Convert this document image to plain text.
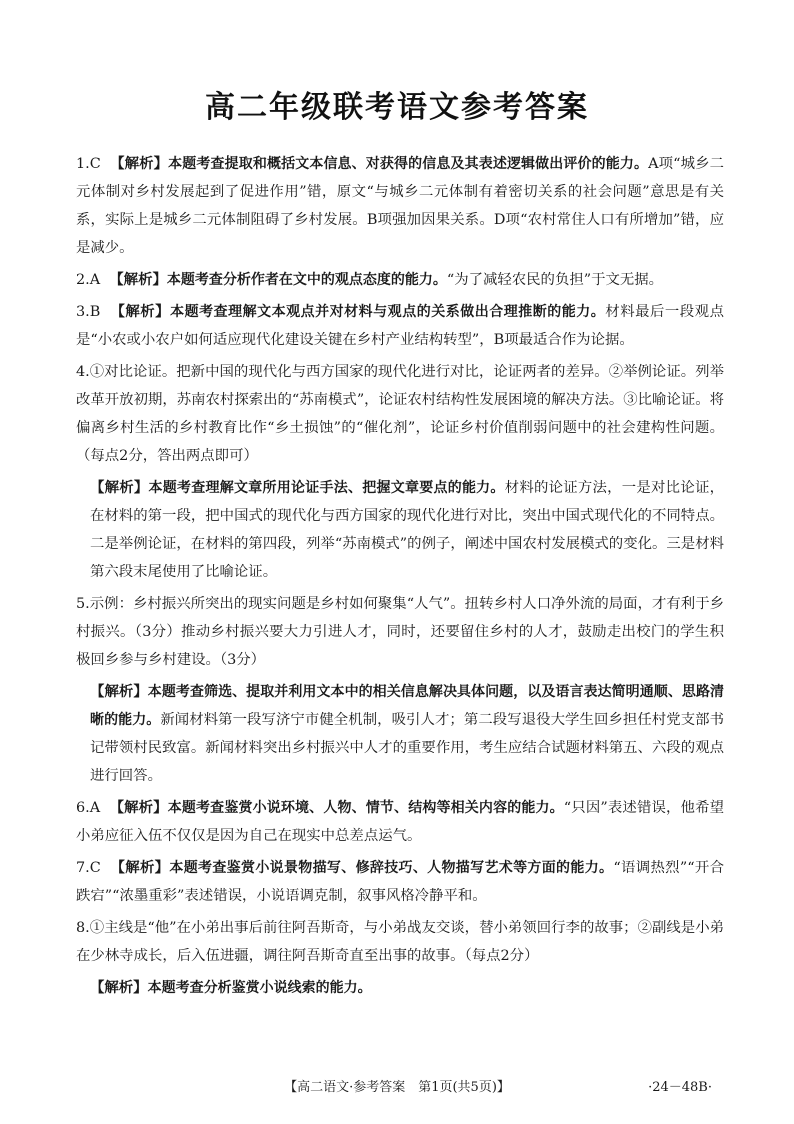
高二年级联考语文参考答案

1.C 【解析】本题考查提取和概括文本信息、对获得的信息及其表述逻辑做出评价的能力。A项“城乡二元体制对乡村发展起到了促进作用”错，原文“与城乡二元体制有着密切关系的社会问题”意思是有关系，实际上是城乡二元体制阻碍了乡村发展。B项强加因果关系。D项“农村常住人口有所增加”错，应是减少。

2.A 【解析】本题考查分析作者在文中的观点态度的能力。“为了减轻农民的负担”于文无据。

3.B 【解析】本题考查理解文本观点并对材料与观点的关系做出合理推断的能力。材料最后一段观点是“小农或小农户如何适应现代化建设关键在乡村产业结构转型”，B项最适合作为论据。

4.①对比论证。把新中国的现代化与西方国家的现代化进行对比，论证两者的差异。②举例论证。列举改革开放初期，苏南农村探索出的“苏南模式”，论证农村结构性发展困境的解决方法。③比喻论证。将偏离乡村生活的乡村教育比作“乡土损蚀”的“催化剂”，论证乡村价值削弱问题中的社会建构性问题。（每点2分，答出两点即可）

【解析】本题考查理解文章所用论证手法、把握文章要点的能力。材料的论证方法，一是对比论证，在材料的第一段，把中国式的现代化与西方国家的现代化进行对比，突出中国式现代化的不同特点。二是举例论证，在材料的第四段，列举“苏南模式”的例子，阐述中国农村发展模式的变化。三是材料第六段末尾使用了比喻论证。

5.示例：乡村振兴所突出的现实问题是乡村如何聚集“人气”。扭转乡村人口净外流的局面，才有利于乡村振兴。（3分）推动乡村振兴要大力引进人才，同时，还要留住乡村的人才，鼓励走出校门的学生积极回乡参与乡村建设。（3分）

【解析】本题考查筛选、提取并利用文本中的相关信息解决具体问题，以及语言表达简明通顺、思路清晰的能力。新闻材料第一段写济宁市健全机制，吸引人才；第二段写退役大学生回乡担任村党支部书记带领村民致富。新闻材料突出乡村振兴中人才的重要作用，考生应结合试题材料第五、六段的观点进行回答。

6.A 【解析】本题考查鉴赏小说环境、人物、情节、结构等相关内容的能力。“只因”表述错误，他希望小弟应征入伍不仅仅是因为自己在现实中总差点运气。

7.C 【解析】本题考查鉴赏小说景物描写、修辞技巧、人物描写艺术等方面的能力。“语调热烈”“开合跌宕”“浓墨重彩”表述错误，小说语调克制，叙事风格冷静平和。

8.①主线是“他”在小弟出事后前往阿吾斯奇，与小弟战友交谈，替小弟领回行李的故事；②副线是小弟在少林寺成长，后入伍进疆，调往阿吾斯奇直至出事的故事。（每点2分）

【解析】本题考查分析鉴赏小说线索的能力。

【高二语文·参考答案　第1页(共5页)】	·24－48B·
